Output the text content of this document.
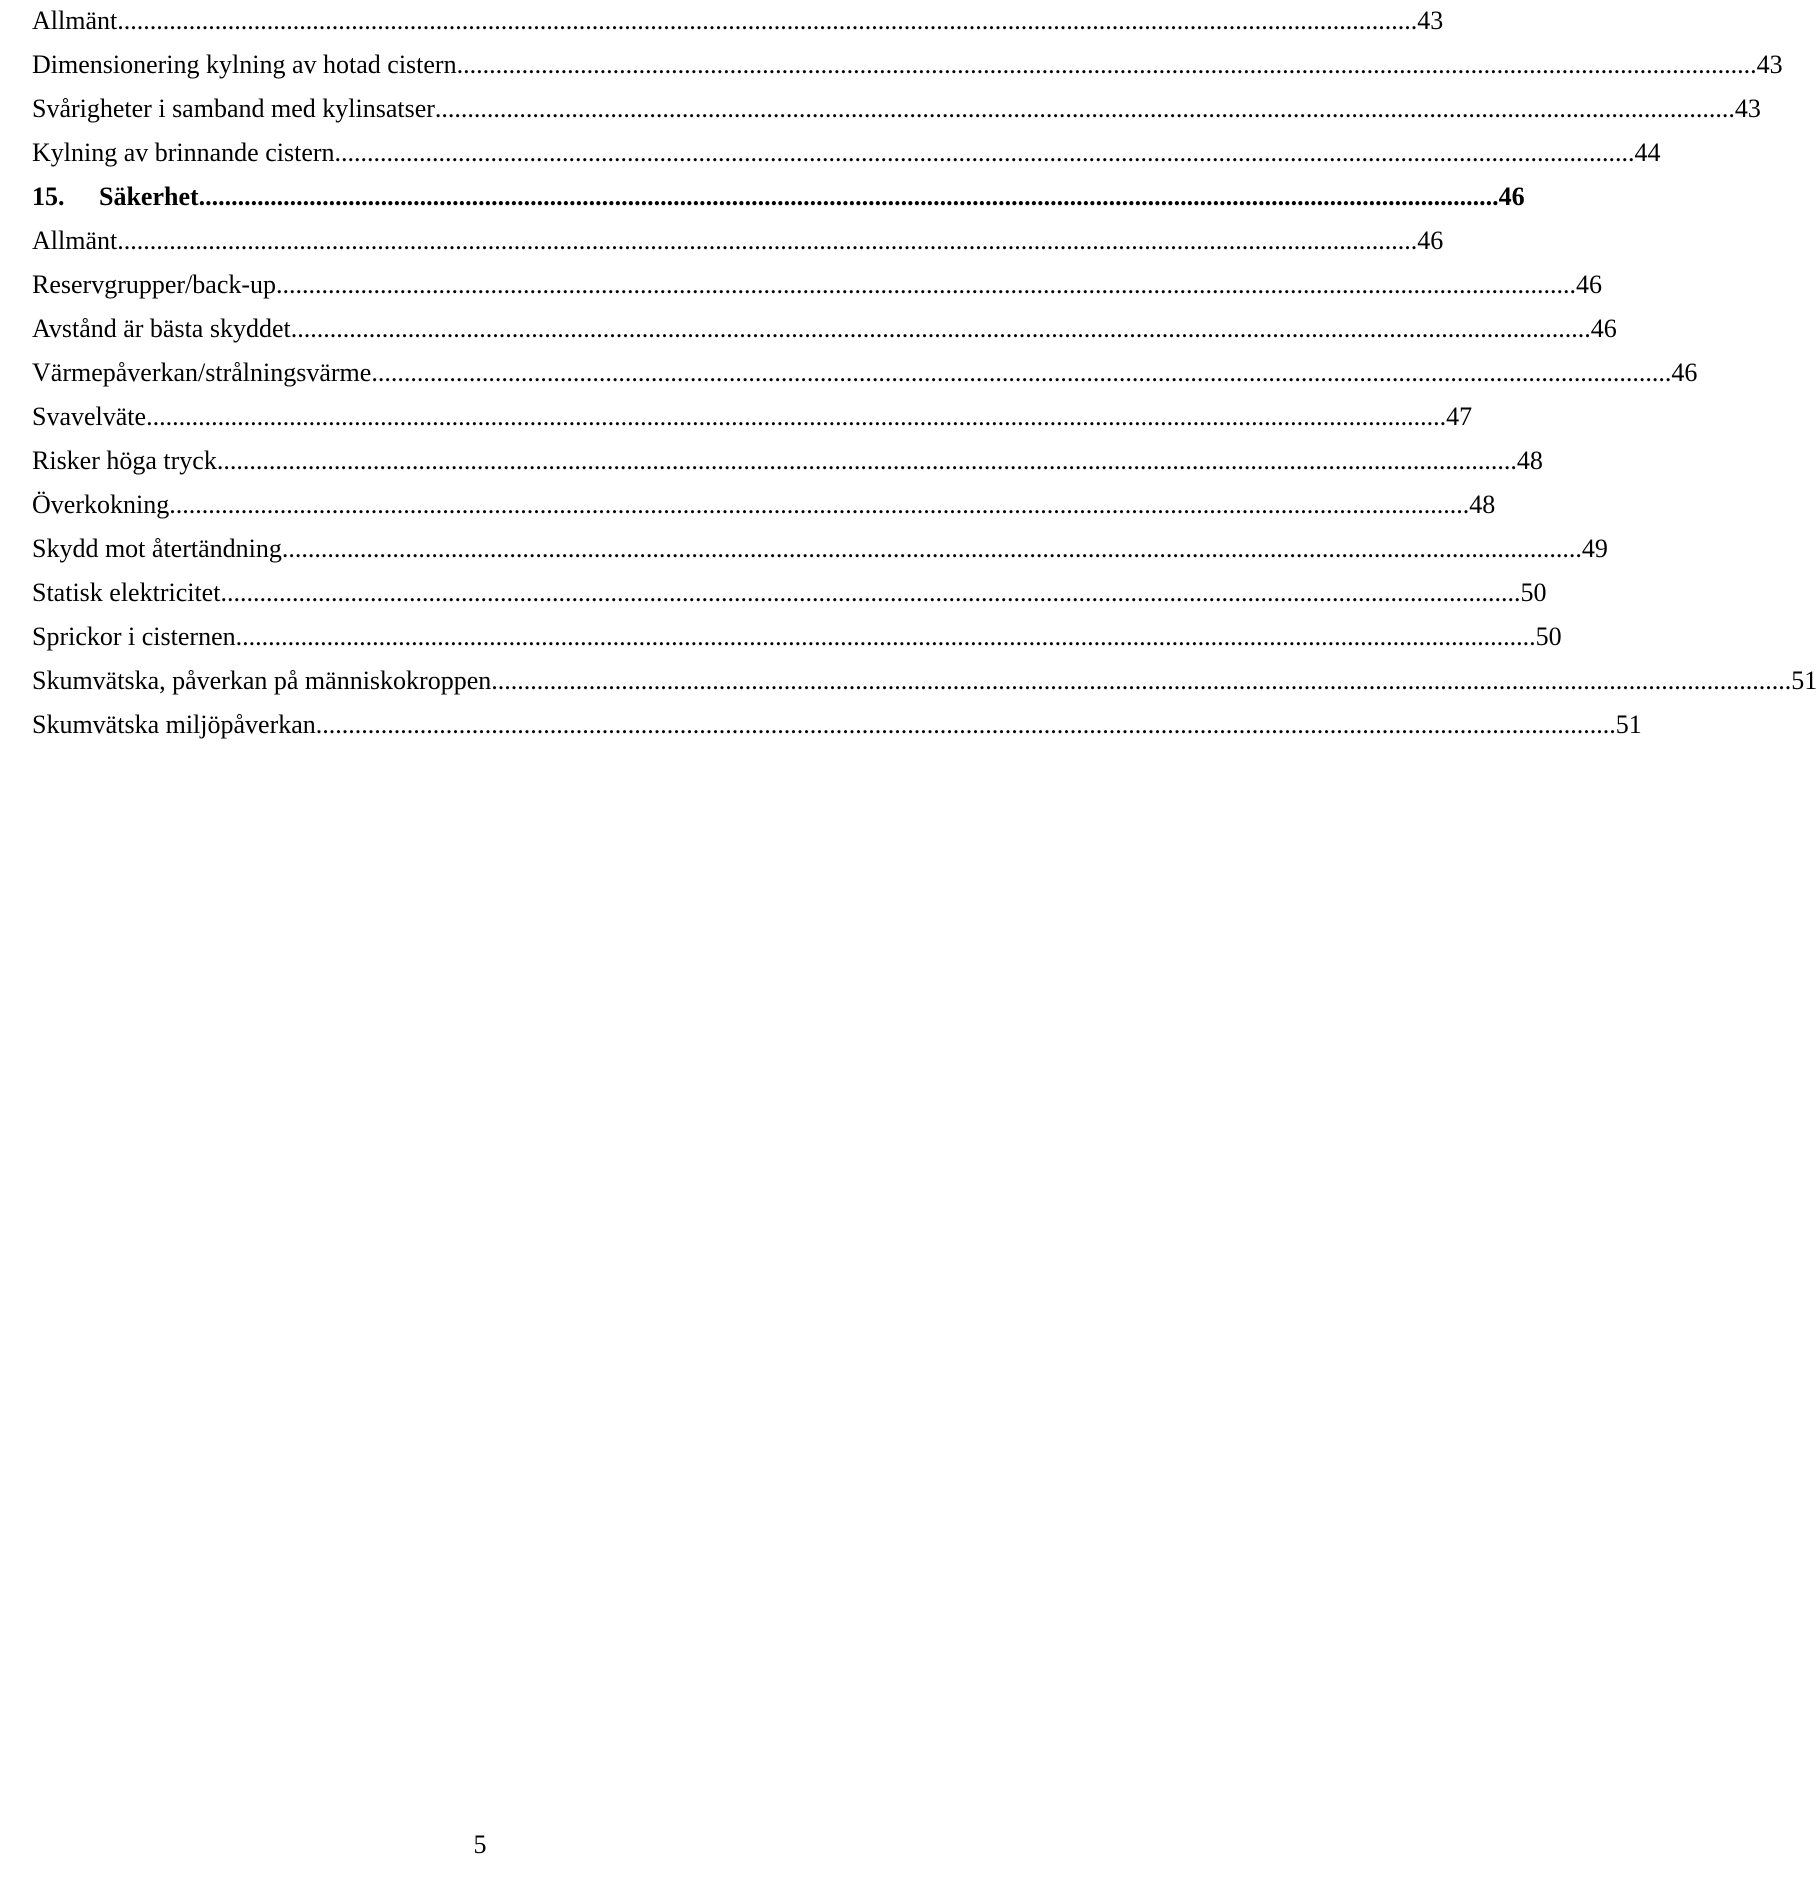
Allmänt ........................................................................................................................................................................................................ 43
Dimensionering kylning av hotad cistern ........................................................................................................................................................................................................ 43
Svårigheter i samband med kylinsatser ........................................................................................................................................................................................................ 43
Kylning av brinnande cistern ........................................................................................................................................................................................................ 44
15. Säkerhet ........................................................................................................................................................................................................ 46
Allmänt ........................................................................................................................................................................................................ 46
Reservgrupper/back-up ........................................................................................................................................................................................................ 46
Avstånd är bästa skyddet ........................................................................................................................................................................................................ 46
Värmepåverkan/strålningsvärme ........................................................................................................................................................................................................ 46
Svavelväte ........................................................................................................................................................................................................ 47
Risker höga tryck ........................................................................................................................................................................................................ 48
Överkokning ........................................................................................................................................................................................................ 48
Skydd mot återtändning ........................................................................................................................................................................................................ 49
Statisk elektricitet ........................................................................................................................................................................................................ 50
Sprickor i cisternen ........................................................................................................................................................................................................ 50
Skumvätska, påverkan på människokroppen ........................................................................................................................................................................................................ 51
Skumvätska miljöpåverkan ........................................................................................................................................................................................................ 51
5
